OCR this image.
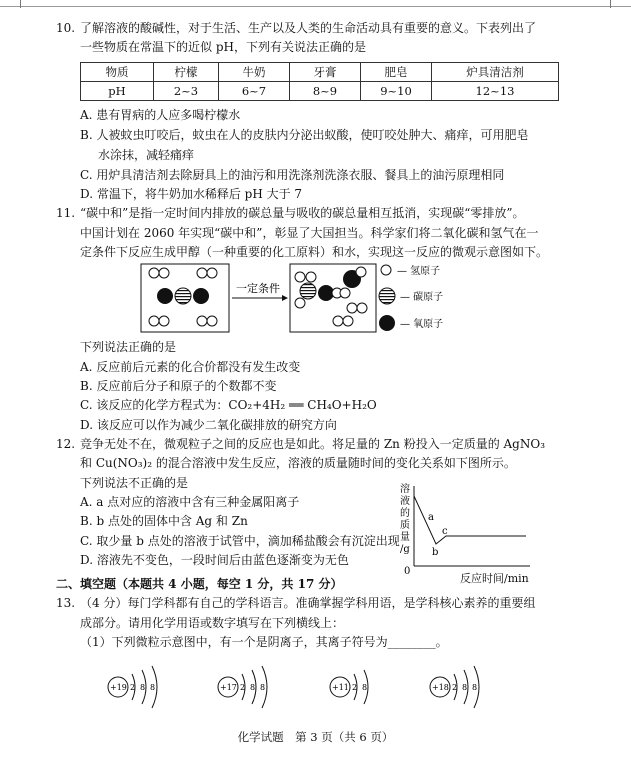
10. 了解溶液的酸碱性，对于生活、生产以及人类的生命活动具有重要的意义。下表列出了
一些物质在常温下的近似 pH，下列有关说法正确的是
物质	柠檬	牛奶	牙膏	肥皂	炉具清洁剂
pH	2~3	6~7	8~9	9~10	12~13
A. 患有胃病的人应多喝柠檬水
B. 人被蚊虫叮咬后，蚊虫在人的皮肤内分泌出蚁酸，使叮咬处肿大、痛痒，可用肥皂
水涂抹，减轻痛痒
C. 用炉具清洁剂去除厨具上的油污和用洗涤剂洗涤衣服、餐具上的油污原理相同
D. 常温下，将牛奶加水稀释后 pH 大于 7
11. “碳中和”是指一定时间内排放的碳总量与吸收的碳总量相互抵消，实现碳“零排放”。
中国计划在 2060 年实现“碳中和”，彰显了大国担当。科学家们将二氧化碳和氢气在一
定条件下反应生成甲醇（一种重要的化工原料）和水，实现这一反应的微观示意图如下。
一定条件
— 氢原子
— 碳原子
— 氧原子
下列说法正确的是
A. 反应前后元素的化合价都没有发生改变
B. 反应前后分子和原子的个数都不变
C. 该反应的化学方程式为：CO₂+4H₂ ══ CH₄O+H₂O
D. 该反应可以作为减少二氧化碳排放的研究方向
12. 竞争无处不在，微观粒子之间的反应也是如此。将足量的 Zn 粉投入一定质量的 AgNO₃
和 Cu(NO₃)₂ 的混合溶液中发生反应，溶液的质量随时间的变化关系如下图所示。
下列说法不正确的是
A. a 点对应的溶液中含有三种金属阳离子
B. b 点处的固体中含 Ag 和 Zn
C. 取少量 b 点处的溶液于试管中，滴加稀盐酸会有沉淀出现
D. 溶液先不变色，一段时间后由蓝色逐渐变为无色
溶
液
的
质
量
/g
0
a
b
c
反应时间/min
二、填空题（本题共 4 小题，每空 1 分，共 17 分）
13. （4 分）每门学科都有自己的学科语言。准确掌握学科用语，是学科核心素养的重要组
成部分。请用化学用语或数字填写在下列横线上：
（1）下列微粒示意图中，有一个是阴离子，其离子符号为________。
+19 2 8 8	+17 2 8 8	+11 2 8	+18 2 8 8
化学试题　第 3 页（共 6 页）
